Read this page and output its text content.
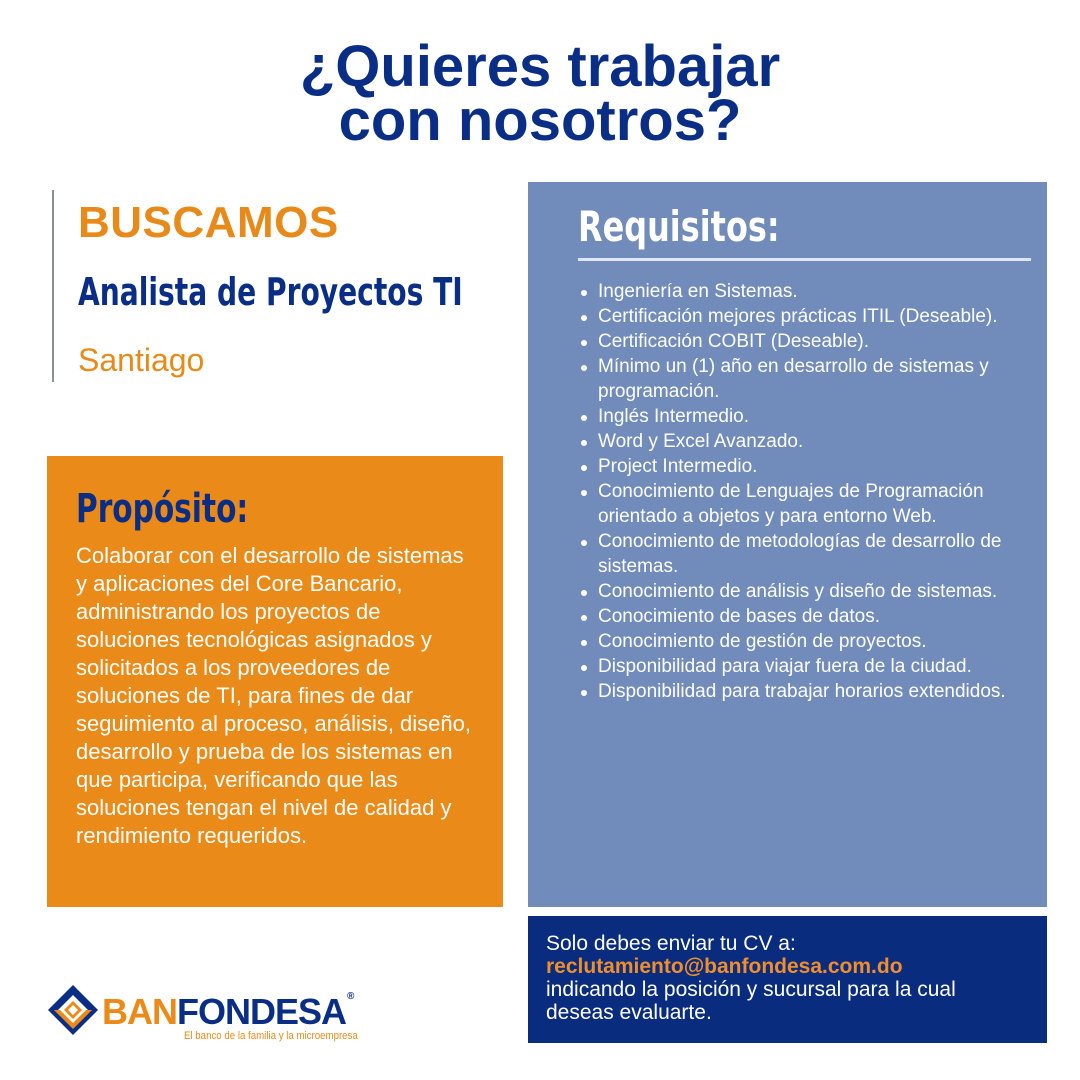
¿Quieres trabajar
con nosotros?
BUSCAMOS
Analista de Proyectos TI
Santiago
Propósito:

Colaborar con el desarrollo de sistemas y aplicaciones del Core Bancario, administrando los proyectos de soluciones tecnológicas asignados y solicitados a los proveedores de soluciones de TI, para fines de dar seguimiento al proceso, análisis, diseño, desarrollo y prueba de los sistemas en que participa, verificando que las soluciones tengan el nivel de calidad y rendimiento requeridos.

Requisitos:
Ingeniería en Sistemas.
Certificación mejores prácticas ITIL (Deseable).
Certificación COBIT (Deseable).
Mínimo un (1) año en desarrollo de sistemas y programación.
Inglés Intermedio.
Word y Excel Avanzado.
Project Intermedio.
Conocimiento de Lenguajes de Programación orientado a objetos y para entorno Web.
Conocimiento de metodologías de desarrollo de sistemas.
Conocimiento de análisis y diseño de sistemas.
Conocimiento de bases de datos.
Conocimiento de gestión de proyectos.
Disponibilidad para viajar fuera de la ciudad.
Disponibilidad para trabajar horarios extendidos.
Solo debes enviar tu CV a:
reclutamiento@banfondesa.com.do
indicando la posición y sucursal para la cual deseas evaluarte.
BANFONDESA®
El banco de la familia y la microempresa
